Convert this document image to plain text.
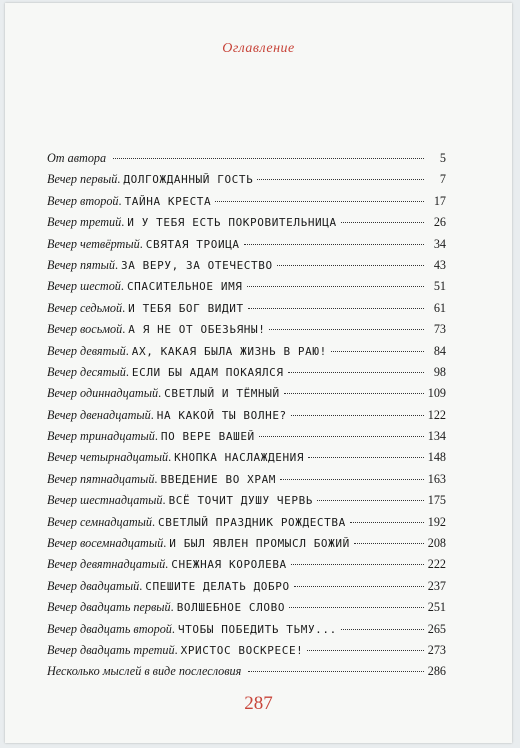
Оглавление
От автора	5
Вечер первый . ДОЛГОЖДАННЫЙ ГОСТЬ	7
Вечер второй . ТАЙНА КРЕСТА	17
Вечер третий . И У ТЕБЯ ЕСТЬ ПОКРОВИТЕЛЬНИЦА	26
Вечер четвёртый . СВЯТАЯ ТРОИЦА	34
Вечер пятый . ЗА ВЕРУ, ЗА ОТЕЧЕСТВО	43
Вечер шестой . СПАСИТЕЛЬНОЕ ИМЯ	51
Вечер седьмой . И ТЕБЯ БОГ ВИДИТ	61
Вечер восьмой . А Я НЕ ОТ ОБЕЗЬЯНЫ!	73
Вечер девятый . АХ, КАКАЯ БЫЛА ЖИЗНЬ В РАЮ!	84
Вечер десятый . ЕСЛИ БЫ АДАМ ПОКАЯЛСЯ	98
Вечер одиннадцатый . СВЕТЛЫЙ И ТЁМНЫЙ	109
Вечер двенадцатый . НА КАКОЙ ТЫ ВОЛНЕ?	122
Вечер тринадцатый . ПО ВЕРЕ ВАШЕЙ	134
Вечер четырнадцатый . КНОПКА НАСЛАЖДЕНИЯ	148
Вечер пятнадцатый . ВВЕДЕНИЕ ВО ХРАМ	163
Вечер шестнадцатый . ВСЁ ТОЧИТ ДУШУ ЧЕРВЬ	175
Вечер семнадцатый . СВЕТЛЫЙ ПРАЗДНИК РОЖДЕСТВА	192
Вечер восемнадцатый . И БЫЛ ЯВЛЕН ПРОМЫСЛ БОЖИЙ	208
Вечер девятнадцатый . СНЕЖНАЯ КОРОЛЕВА	222
Вечер двадцатый . СПЕШИТЕ ДЕЛАТЬ ДОБРО	237
Вечер двадцать первый . ВОЛШЕБНОЕ СЛОВО	251
Вечер двадцать второй . ЧТОБЫ ПОБЕДИТЬ ТЬМУ...	265
Вечер двадцать третий . ХРИСТОС ВОСКРЕСЕ!	273
Несколько мыслей в виде послесловия	286
287
